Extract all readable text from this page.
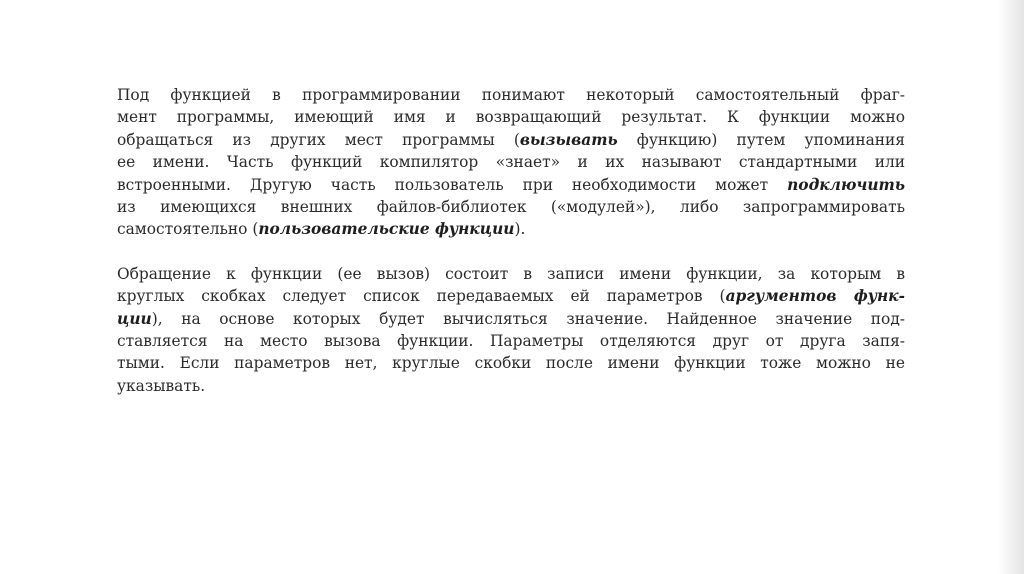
Под функцией в программировании понимают некоторый самостоятельный фраг-
мент программы, имеющий имя и возвращающий результат. К функции можно
обращаться из других мест программы (вызывать функцию) путем упоминания
ее имени. Часть функций компилятор «знает» и их называют стандартными или
встроенными. Другую часть пользователь при необходимости может подключить
из имеющихся внешних файлов-библиотек («модулей»), либо запрограммировать
самостоятельно (пользовательские функции).

Обращение к функции (ее вызов) состоит в записи имени функции, за которым в
круглых скобках следует список передаваемых ей параметров (аргументов функ-
ции), на основе которых будет вычисляться значение. Найденное значение под-
ставляется на место вызова функции. Параметры отделяются друг от друга запя-
тыми. Если параметров нет, круглые скобки после имени функции тоже можно не
указывать.
